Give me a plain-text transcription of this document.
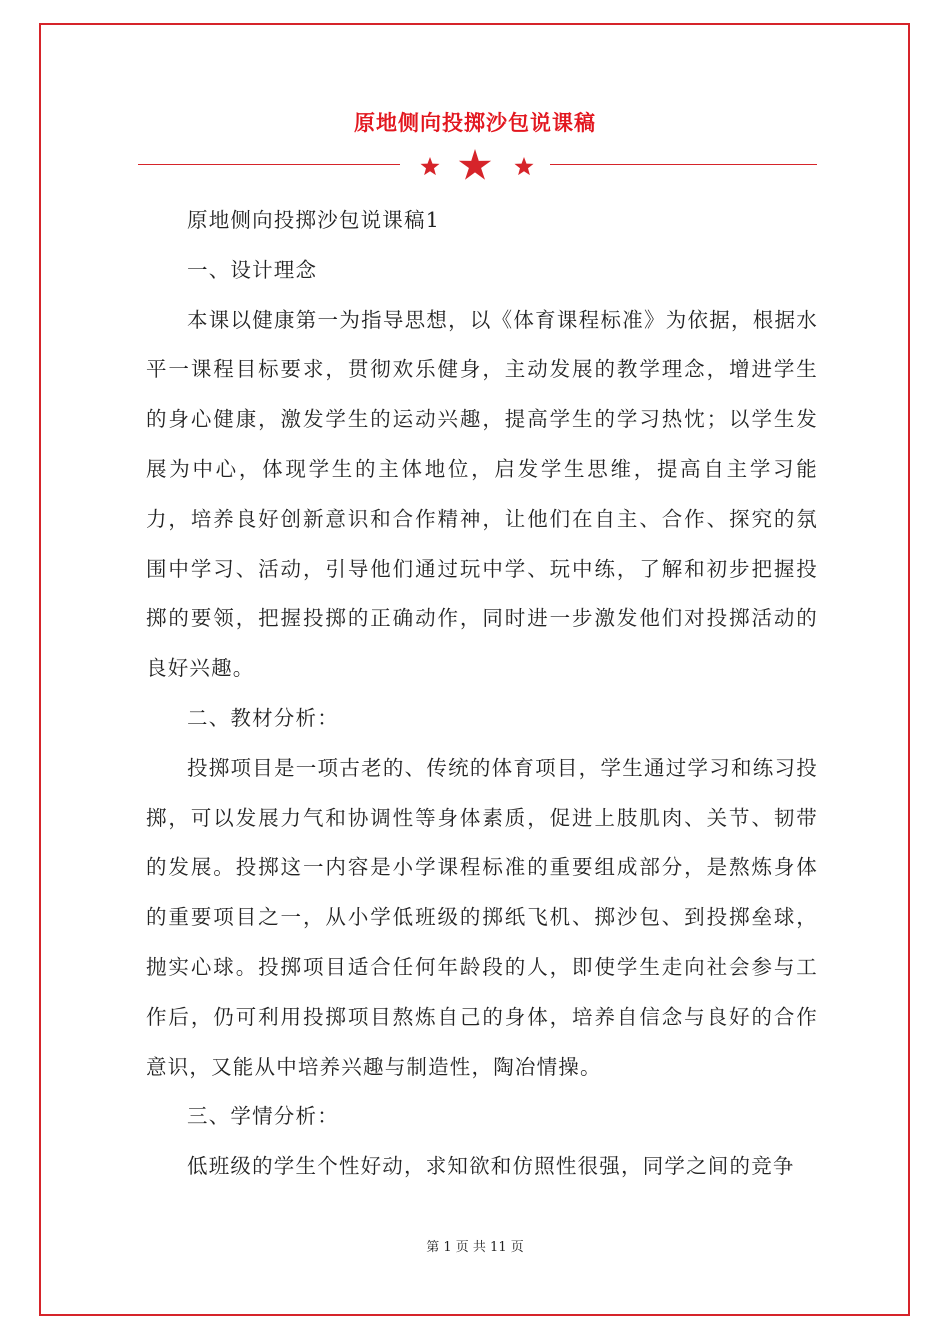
原地侧向投掷沙包说课稿

原地侧向投掷沙包说课稿1

一、设计理念

本课以健康第一为指导思想，以《体育课程标准》为依据，根据水平一课程目标要求，贯彻欢乐健身，主动发展的教学理念，增进学生的身心健康，激发学生的运动兴趣，提高学生的学习热忱；以学生发展为中心，体现学生的主体地位，启发学生思维，提高自主学习能力，培养良好创新意识和合作精神，让他们在自主、合作、探究的氛围中学习、活动，引导他们通过玩中学、玩中练，了解和初步把握投掷的要领，把握投掷的正确动作，同时进一步激发他们对投掷活动的良好兴趣。

二、教材分析：

投掷项目是一项古老的、传统的体育项目，学生通过学习和练习投掷，可以发展力气和协调性等身体素质，促进上肢肌肉、关节、韧带的发展。投掷这一内容是小学课程标准的重要组成部分，是熬炼身体的重要项目之一，从小学低班级的掷纸飞机、掷沙包、到投掷垒球，抛实心球。投掷项目适合任何年龄段的人，即使学生走向社会参与工作后，仍可利用投掷项目熬炼自己的身体，培养自信念与良好的合作意识，又能从中培养兴趣与制造性，陶冶情操。

三、学情分析：

低班级的学生个性好动，求知欲和仿照性很强，同学之间的竞争

第 1 页 共 11 页
